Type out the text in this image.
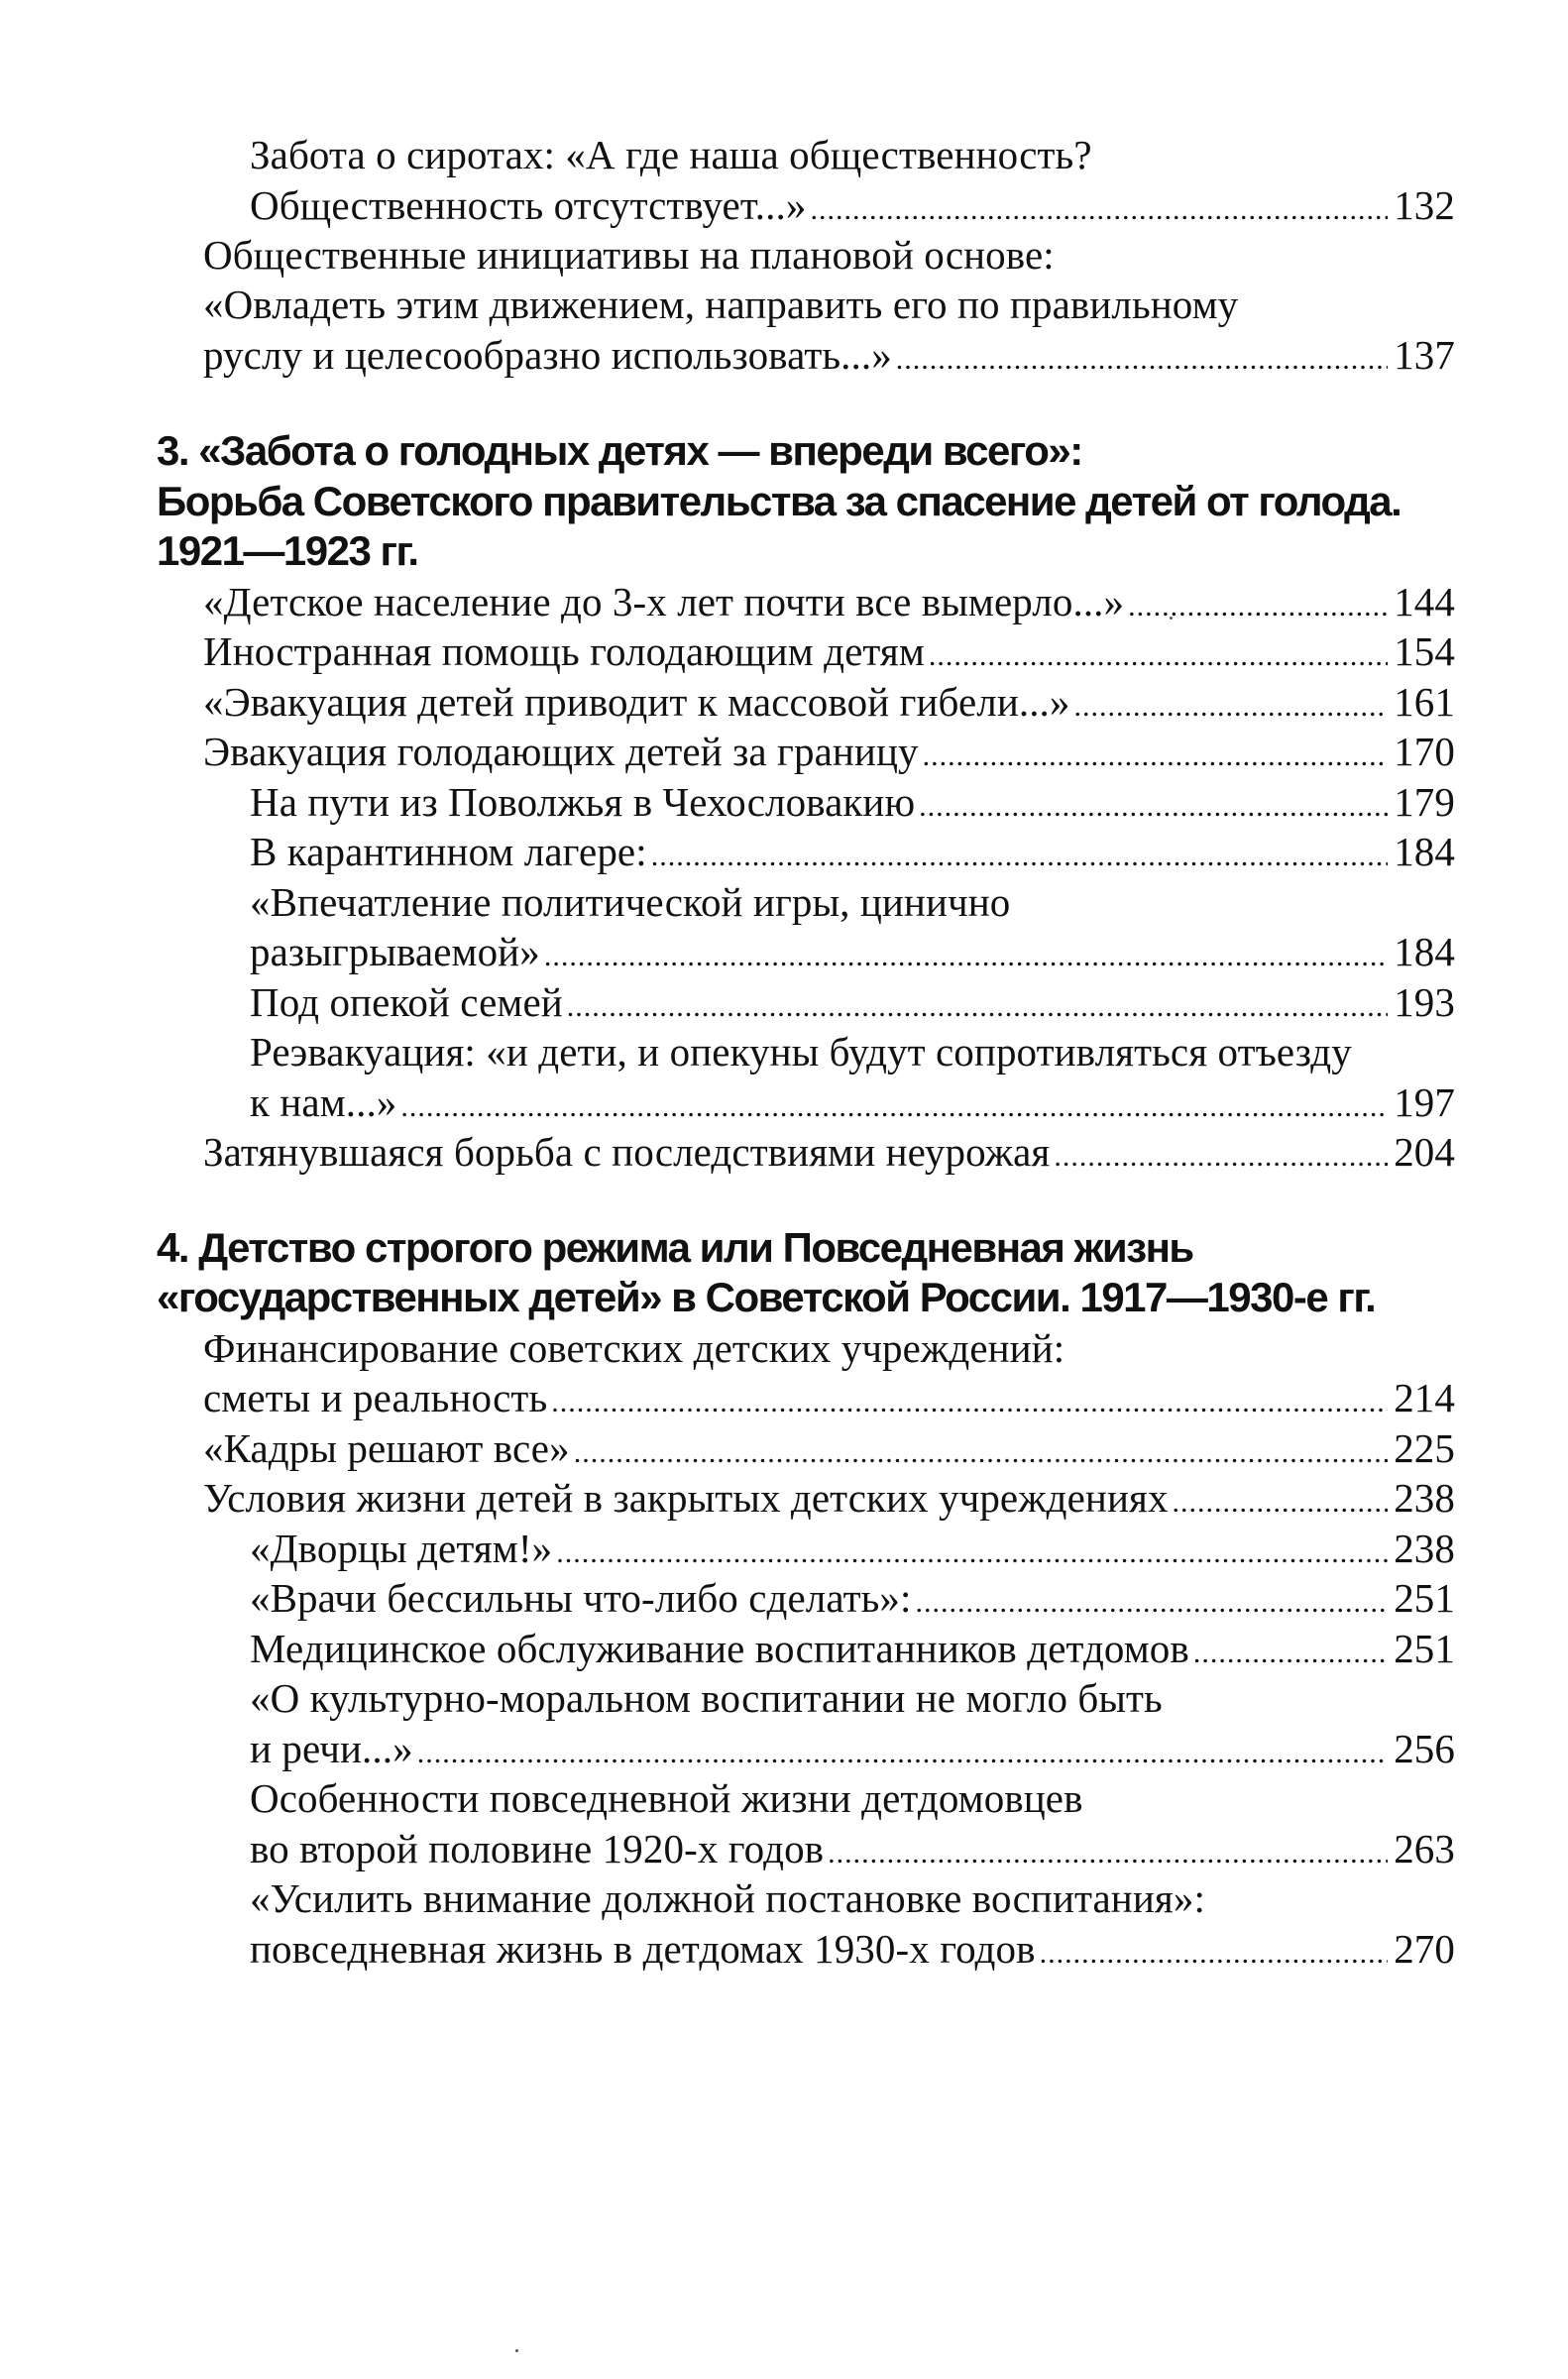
Забота о сиротах: «А где наша общественность?
Общественность отсутствует...» .....	132
Общественные инициативы на плановой основе:
«Овладеть этим движением, направить его по правильному
руслу и целесообразно использовать...» .....	137
3. «Забота о голодных детях — впереди всего»:
Борьба Советского правительства за спасение детей от голода.
1921—1923 гг.
«Детское население до 3-х лет почти все вымерло...» .....	144
Иностранная помощь голодающим детям .....	154
«Эвакуация детей приводит к массовой гибели...» .....	161
Эвакуация голодающих детей за границу .....	170
На пути из Поволжья в Чехословакию .....	179
В карантинном лагере: .....	184
«Впечатление политической игры, цинично
разыгрываемой» .....	184
Под опекой семей .....	193
Реэвакуация: «и дети, и опекуны будут сопротивляться отъезду
к нам...» .....	197
Затянувшаяся борьба с последствиями неурожая .....	204
4. Детство строгого режима или Повседневная жизнь
«государственных детей» в Советской России. 1917—1930-е гг.
Финансирование советских детских учреждений:
сметы и реальность .....	214
«Кадры решают все» .....	225
Условия жизни детей в закрытых детских учреждениях .....	238
«Дворцы детям!» .....	238
«Врачи бессильны что-либо сделать»: .....	251
Медицинское обслуживание воспитанников детдомов .....	251
«О культурно-моральном воспитании не могло быть
и речи...» .....	256
Особенности повседневной жизни детдомовцев
во второй половине 1920-х годов .....	263
«Усилить внимание должной постановке воспитания»:
повседневная жизнь в детдомах 1930-х годов .....	270
